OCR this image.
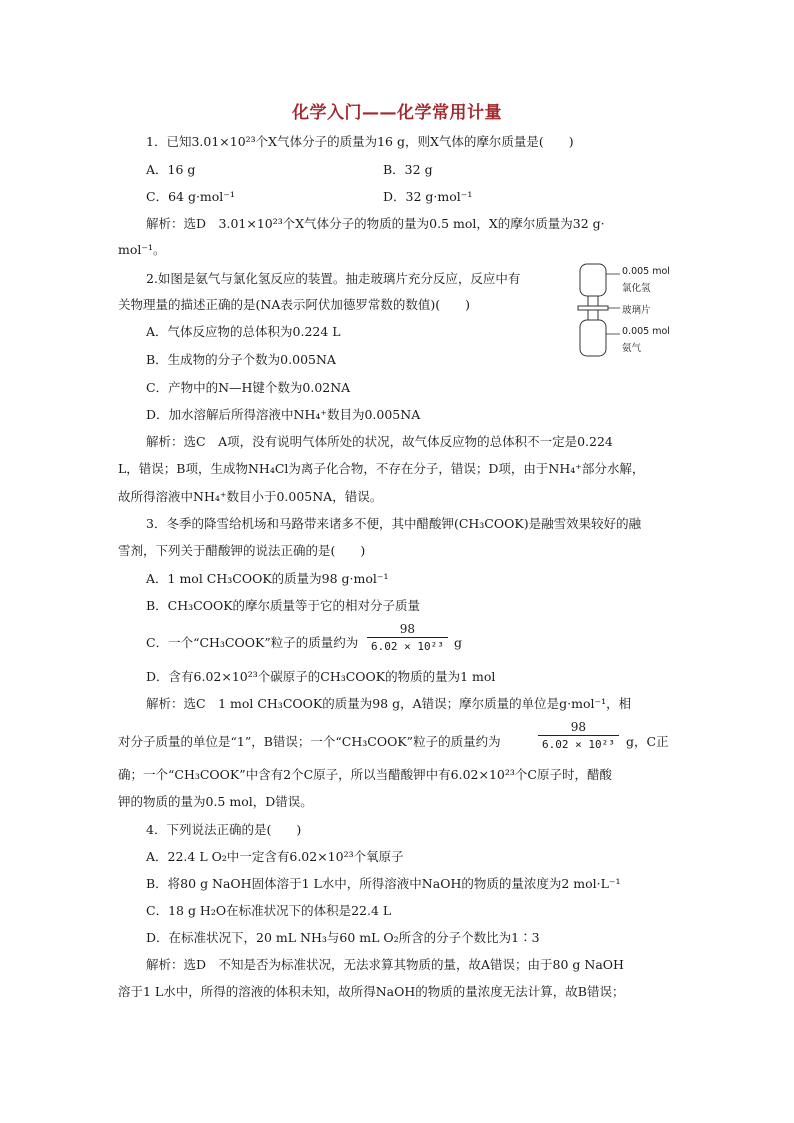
化学入门——化学常用计量
1．已知3.01×10²³个X气体分子的质量为16 g，则X气体的摩尔质量是(　　)
A．16 g	B．32 g
C．64 g·mol⁻¹	D．32 g·mol⁻¹
解析：选D　3.01×10²³个X气体分子的物质的量为0.5 mol，X的摩尔质量为32 g·
mol⁻¹。
2.如图是氨气与氯化氢反应的装置。抽走玻璃片充分反应，反应中有
关物理量的描述正确的是(NA表示阿伏加德罗常数的数值)(　　)
A．气体反应物的总体积为0.224 L
B．生成物的分子个数为0.005NA
C．产物中的N—H键个数为0.02NA
D．加水溶解后所得溶液中NH₄⁺数目为0.005NA
解析：选C　A项，没有说明气体所处的状况，故气体反应物的总体积不一定是0.224
L，错误；B项，生成物NH₄Cl为离子化合物，不存在分子，错误；D项，由于NH₄⁺部分水解，
故所得溶液中NH₄⁺数目小于0.005NA，错误。
0.005 mol
氯化氢
玻璃片
0.005 mol
氨气
3．冬季的降雪给机场和马路带来诸多不便，其中醋酸钾(CH₃COOK)是融雪效果较好的融
雪剂，下列关于醋酸钾的说法正确的是(　　)
A．1 mol CH₃COOK的质量为98 g·mol⁻¹
B．CH₃COOK的摩尔质量等于它的相对分子质量
C．一个“CH₃COOK”粒子的质量约为
98
6.02 × 10²³ g
D．含有6.02×10²³个碳原子的CH₃COOK的物质的量为1 mol
解析：选C　1 mol CH₃COOK的质量为98 g，A错误；摩尔质量的单位是g·mol⁻¹，相
对分子质量的单位是“1”，B错误；一个“CH₃COOK”粒子的质量约为
98
6.02 × 10²³ g，C正
确；一个“CH₃COOK”中含有2个C原子，所以当醋酸钾中有6.02×10²³个C原子时，醋酸
钾的物质的量为0.5 mol，D错误。
4．下列说法正确的是(　　)
A．22.4 L O₂中一定含有6.02×10²³个氧原子
B．将80 g NaOH固体溶于1 L水中，所得溶液中NaOH的物质的量浓度为2 mol·L⁻¹
C．18 g H₂O在标准状况下的体积是22.4 L
D．在标准状况下，20 mL NH₃与60 mL O₂所含的分子个数比为1∶3
解析：选D　不知是否为标准状况，无法求算其物质的量，故A错误；由于80 g NaOH
溶于1 L水中，所得的溶液的体积未知，故所得NaOH的物质的量浓度无法计算，故B错误；
